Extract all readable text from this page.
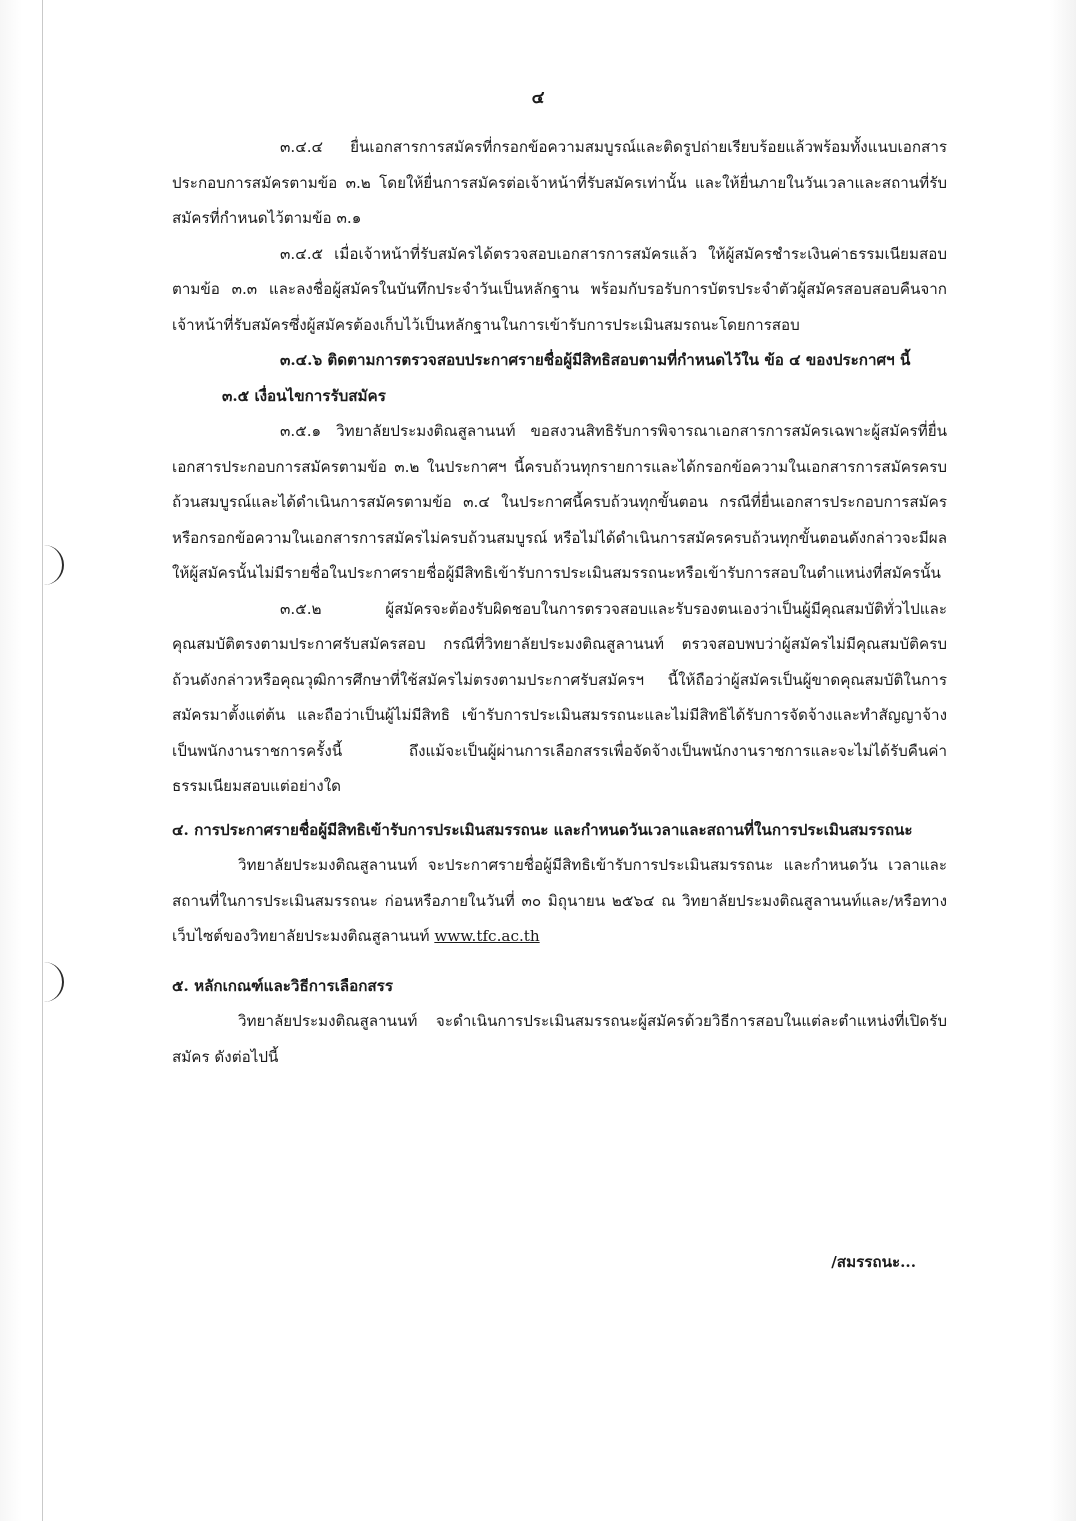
๔

๓.๔.๔ ยื่นเอกสารการสมัครที่กรอกข้อความสมบูรณ์และติดรูปถ่ายเรียบร้อยแล้วพร้อมทั้งแนบเอกสารประกอบการสมัครตามข้อ ๓.๒ โดยให้ยื่นการสมัครต่อเจ้าหน้าที่รับสมัครเท่านั้น และให้ยื่นภายในวันเวลาและสถานที่รับสมัครที่กำหนดไว้ตามข้อ ๓.๑

๓.๔.๕ เมื่อเจ้าหน้าที่รับสมัครได้ตรวจสอบเอกสารการสมัครแล้ว ให้ผู้สมัครชำระเงินค่าธรรมเนียมสอบตามข้อ ๓.๓ และลงชื่อผู้สมัครในบันทึกประจำวันเป็นหลักฐาน พร้อมกับรอรับการบัตรประจำตัวผู้สมัครสอบสอบคืนจากเจ้าหน้าที่รับสมัครซึ่งผู้สมัครต้องเก็บไว้เป็นหลักฐานในการเข้ารับการประเมินสมรถนะโดยการสอบ

๓.๔.๖ ติดตามการตรวจสอบประกาศรายชื่อผู้มีสิทธิสอบตามที่กำหนดไว้ใน ข้อ ๔ ของประกาศฯ นี้

๓.๕ เงื่อนไขการรับสมัคร

๓.๕.๑ วิทยาลัยประมงติณสูลานนท์ ขอสงวนสิทธิรับการพิจารณาเอกสารการสมัครเฉพาะผู้สมัครที่ยื่นเอกสารประกอบการสมัครตามข้อ ๓.๒ ในประกาศฯ นี้ครบถ้วนทุกรายการและได้กรอกข้อความในเอกสารการสมัครครบถ้วนสมบูรณ์และได้ดำเนินการสมัครตามข้อ ๓.๔ ในประกาศนี้ครบถ้วนทุกขั้นตอน กรณีที่ยื่นเอกสารประกอบการสมัคร หรือกรอกข้อความในเอกสารการสมัครไม่ครบถ้วนสมบูรณ์ หรือไม่ได้ดำเนินการสมัครครบถ้วนทุกขั้นตอนดังกล่าวจะมีผลให้ผู้สมัครนั้นไม่มีรายชื่อในประกาศรายชื่อผู้มีสิทธิเข้ารับการประเมินสมรรถนะหรือเข้ารับการสอบในตำแหน่งที่สมัครนั้น

๓.๕.๒ ผู้สมัครจะต้องรับผิดชอบในการตรวจสอบและรับรองตนเองว่าเป็นผู้มีคุณสมบัติทั่วไปและคุณสมบัติตรงตามประกาศรับสมัครสอบ กรณีที่วิทยาลัยประมงติณสูลานนท์ ตรวจสอบพบว่าผู้สมัครไม่มีคุณสมบัติครบถ้วนดังกล่าวหรือคุณวุฒิการศึกษาที่ใช้สมัครไม่ตรงตามประกาศรับสมัครฯ นี้ให้ถือว่าผู้สมัครเป็นผู้ขาดคุณสมบัติในการสมัครมาตั้งแต่ต้น และถือว่าเป็นผู้ไม่มีสิทธิ เข้ารับการประเมินสมรรถนะและไม่มีสิทธิได้รับการจัดจ้างและทำสัญญาจ้างเป็นพนักงานราชการครั้งนี้ ถึงแม้จะเป็นผู้ผ่านการเลือกสรรเพื่อจัดจ้างเป็นพนักงานราชการและจะไม่ได้รับคืนค่าธรรมเนียมสอบแต่อย่างใด

๔. การประกาศรายชื่อผู้มีสิทธิเข้ารับการประเมินสมรรถนะ และกำหนดวันเวลาและสถานที่ในการประเมินสมรรถนะ

วิทยาลัยประมงติณสูลานนท์ จะประกาศรายชื่อผู้มีสิทธิเข้ารับการประเมินสมรรถนะ และกำหนดวัน เวลาและสถานที่ในการประเมินสมรรถนะ ก่อนหรือภายในวันที่ ๓๐ มิถุนายน ๒๕๖๔ ณ วิทยาลัยประมงติณสูลานนท์และ/หรือทางเว็บไซต์ของวิทยาลัยประมงติณสูลานนท์ www.tfc.ac.th

๕. หลักเกณฑ์และวิธีการเลือกสรร

วิทยาลัยประมงติณสูลานนท์ จะดำเนินการประเมินสมรรถนะผู้สมัครด้วยวิธีการสอบในแต่ละตำแหน่งที่เปิดรับสมัคร ดังต่อไปนี้

/สมรรถนะ...
